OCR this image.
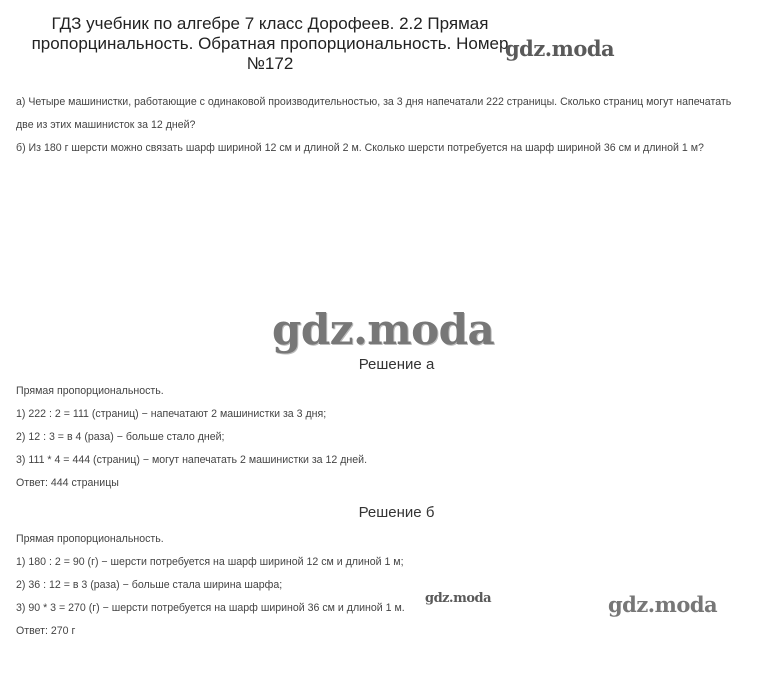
ГДЗ учебник по алгебре 7 класс Дорофеев. 2.2 Прямая пропорцинальность. Обратная пропорциональность. Номер №172
gdz.moda
а) Четыре машинистки, работающие с одинаковой производительностью, за 3 дня напечатали 222 страницы. Сколько страниц могут напечатать
две из этих машинисток за 12 дней?
б) Из 180 г шерсти можно связать шарф шириной 12 см и длиной 2 м. Сколько шерсти потребуется на шарф шириной 36 см и длиной 1 м?
gdz.moda
Решение а
Прямая пропорциональность.
1) 222 : 2 = 111 (страниц) − напечатают 2 машинистки за 3 дня;
2) 12 : 3 = в 4 (раза) − больше стало дней;
3) 111 * 4 = 444 (страниц) − могут напечатать 2 машинистки за 12 дней.
Ответ: 444 страницы
Решение б
Прямая пропорциональность.
1) 180 : 2 = 90 (г) − шерсти потребуется на шарф шириной 12 см и длиной 1 м;
2) 36 : 12 = в 3 (раза) − больше стала ширина шарфа;
3) 90 * 3 = 270 (г) − шерсти потребуется на шарф шириной 36 см и длиной 1 м.
Ответ: 270 г
gdz.moda	gdz.moda
